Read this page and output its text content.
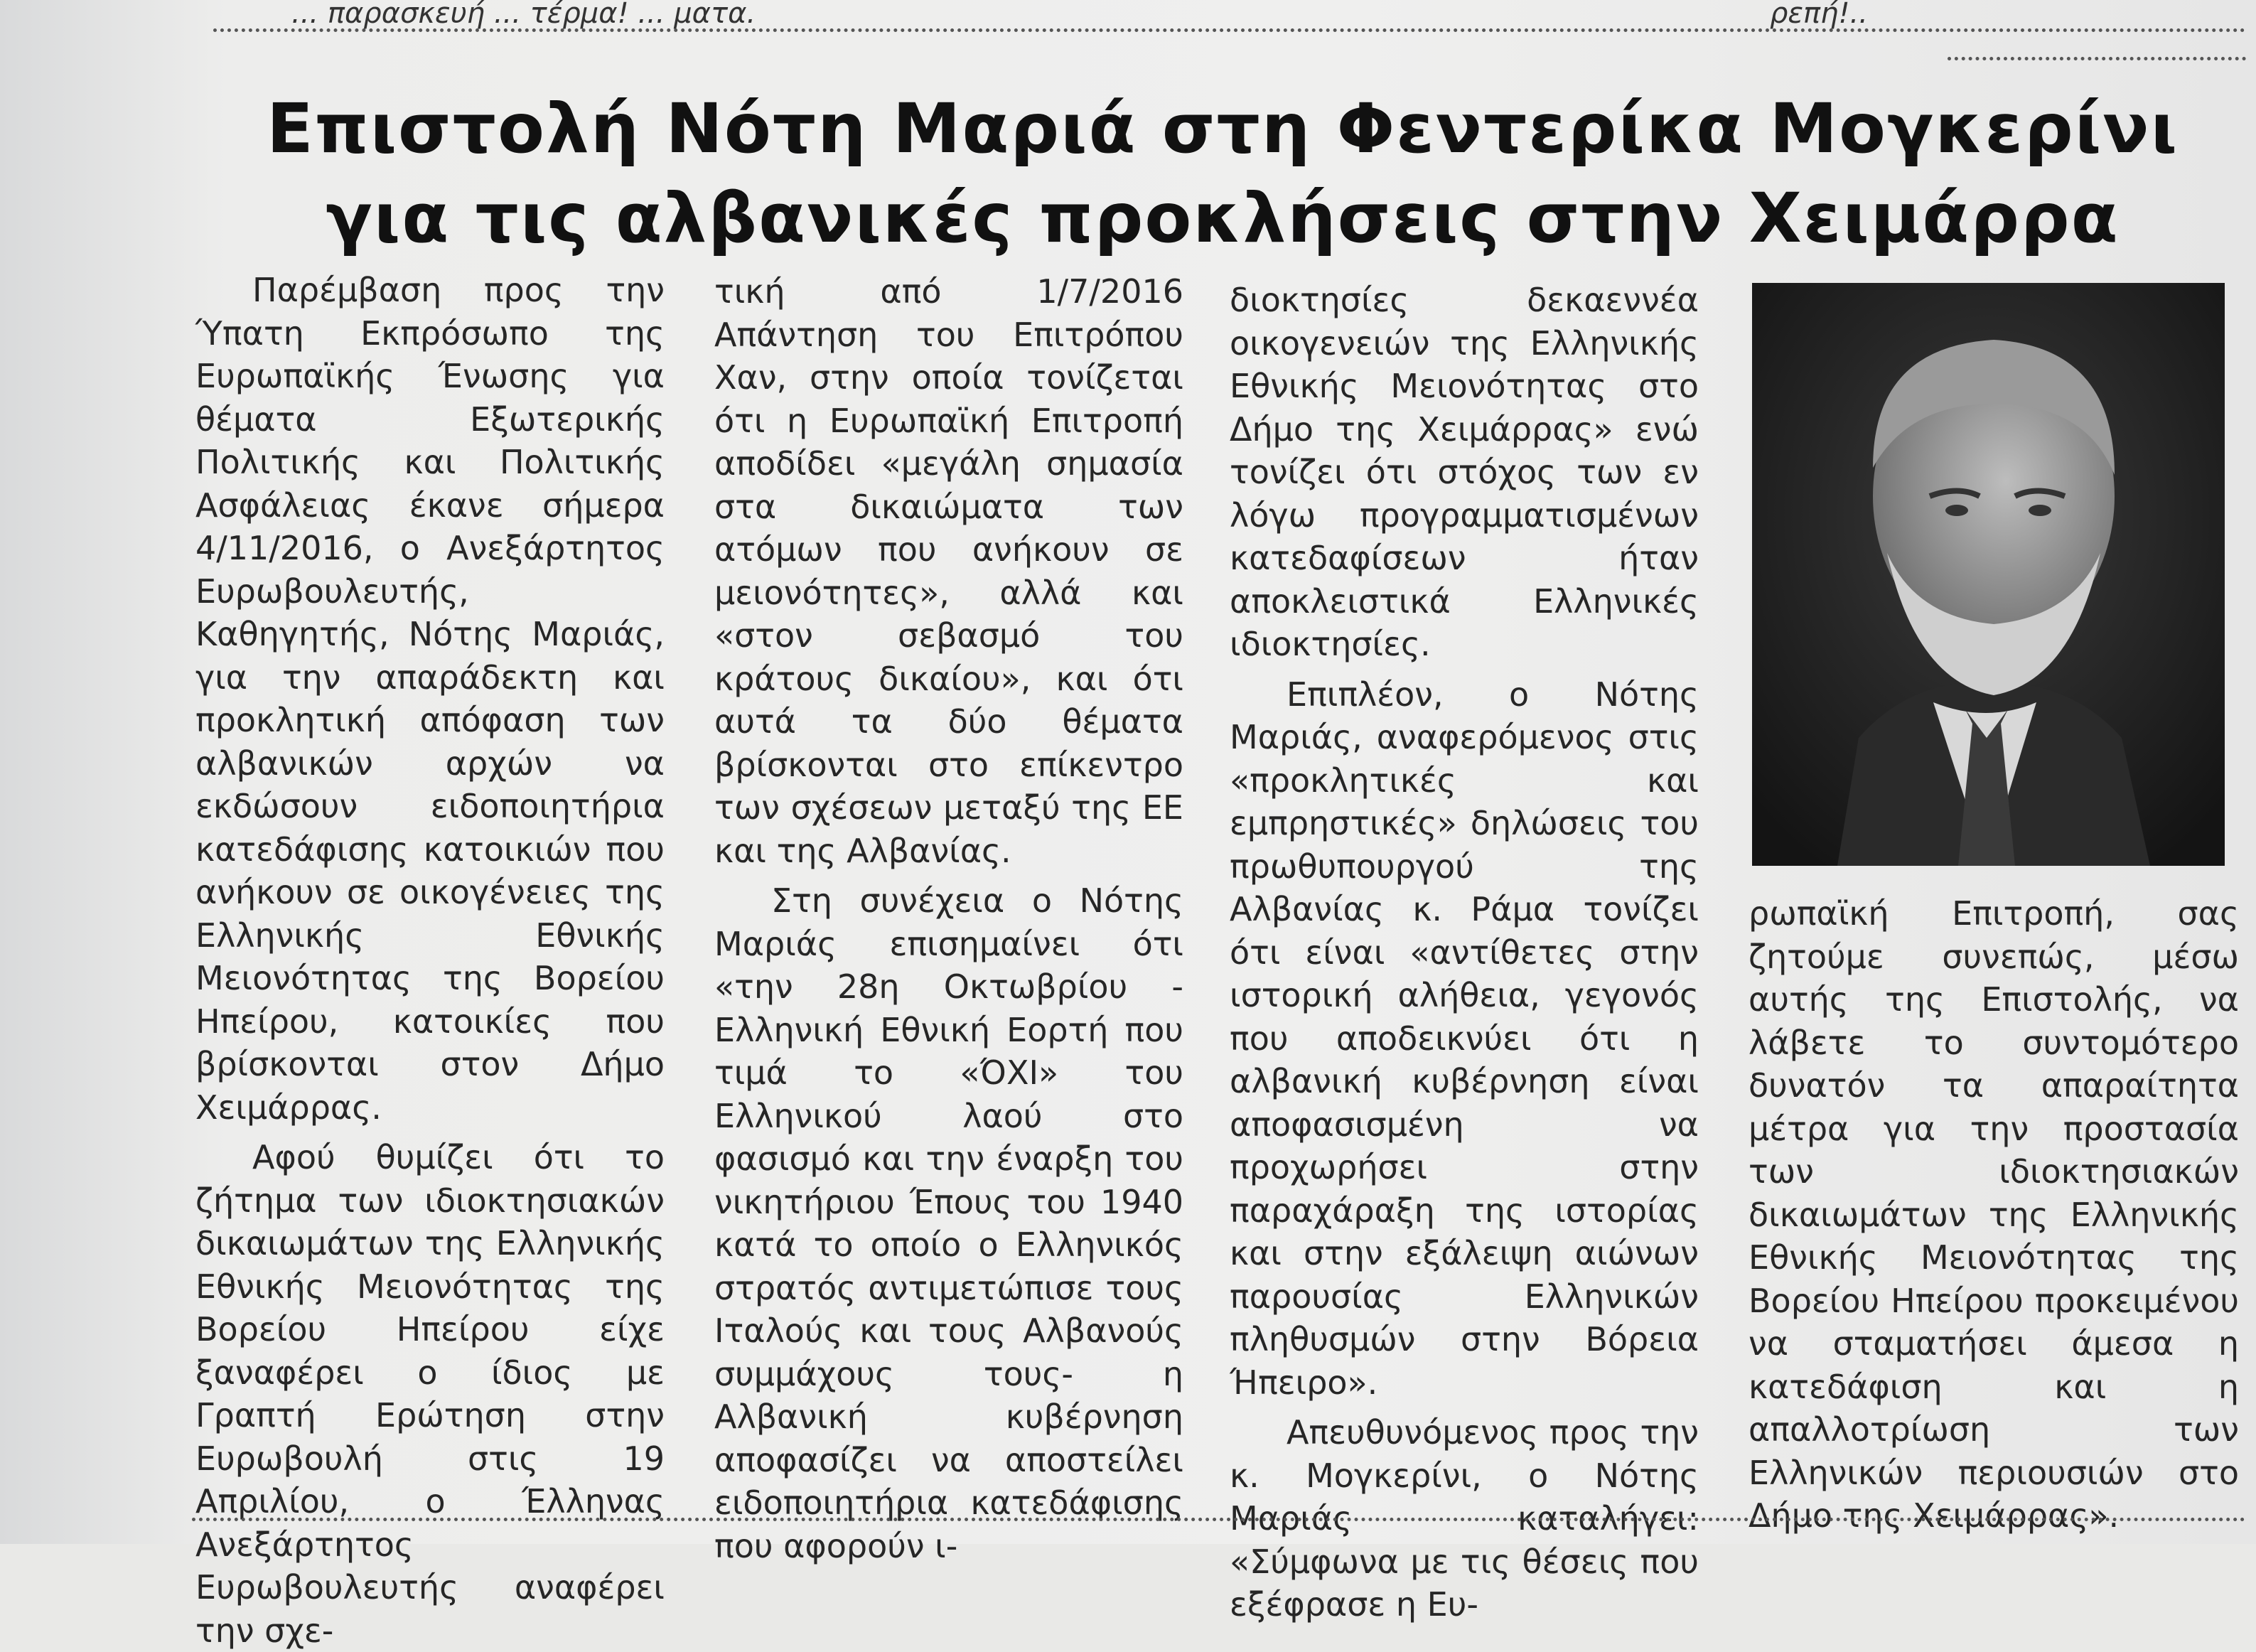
... παρασκευή ... τέρμα! ... ματα.	ρεπή!..
Επιστολή Νότη Μαριά στη Φεντερίκα Μογκερίνι
για τις αλβανικές προκλήσεις στην Χειμάρρα

Παρέμβαση προς την Ύπατη Εκπρόσωπο της Ευρωπαϊκής Ένωσης για θέματα Εξωτερικής Πολιτικής και Πολιτικής Ασφάλειας έκανε σήμερα 4/11/2016, ο Ανεξάρτητος Ευρωβουλευτής, Καθηγητής, Νότης Μαριάς, για την απαράδεκτη και προκλητική απόφαση των αλβανικών αρχών να εκδώσουν ειδοποιητήρια κατεδάφισης κατοικιών που ανήκουν σε οικογένειες της Ελληνικής Εθνικής Μειονότητας της Βορείου Ηπείρου, κατοικίες που βρίσκονται στον Δήμο Χειμάρρας.

Αφού θυμίζει ότι το ζήτημα των ιδιοκτησιακών δικαιωμάτων της Ελληνικής Εθνικής Μειονότητας της Βορείου Ηπείρου είχε ξαναφέρει ο ίδιος με Γραπτή Ερώτηση στην Ευρωβουλή στις 19 Απριλίου, ο Έλληνας Ανεξάρτητος Ευρωβουλευτής αναφέρει την σχε-

τική από 1/7/2016 Απάντηση του Επιτρόπου Χαν, στην οποία τονίζεται ότι η Ευρωπαϊκή Επιτροπή αποδίδει «μεγάλη σημασία στα δικαιώματα των ατόμων που ανήκουν σε μειονότητες», αλλά και «στον σεβασμό του κράτους δικαίου», και ότι αυτά τα δύο θέματα βρίσκονται στο επίκεντρο των σχέσεων μεταξύ της ΕΕ και της Αλβανίας.

Στη συνέχεια ο Νότης Μαριάς επισημαίνει ότι «την 28η Οκτωβρίου - Ελληνική Εθνική Εορτή που τιμά το «ΌΧΙ» του Ελληνικού λαού στο φασισμό και την έναρξη του νικητήριου Έπους του 1940 κατά το οποίο ο Ελληνικός στρατός αντιμετώπισε τους Ιταλούς και τους Αλβανούς συμμάχους τους- η Αλβανική κυβέρνηση αποφασίζει να αποστείλει ειδοποιητήρια κατεδάφισης που αφορούν ι-

διοκτησίες δεκαεννέα οικογενειών της Ελληνικής Εθνικής Μειονότητας στο Δήμο της Χειμάρρας» ενώ τονίζει ότι στόχος των εν λόγω προγραμματισμένων κατεδαφίσεων ήταν αποκλειστικά Ελληνικές ιδιοκτησίες.

Επιπλέον, ο Νότης Μαριάς, αναφερόμενος στις «προκλητικές και εμπρηστικές» δηλώσεις του πρωθυπουργού της Αλβανίας κ. Ράμα τονίζει ότι είναι «αντίθετες στην ιστορική αλήθεια, γεγονός που αποδεικνύει ότι η αλβανική κυβέρνηση είναι αποφασισμένη να προχωρήσει στην παραχάραξη της ιστορίας και στην εξάλειψη αιώνων παρουσίας Ελληνικών πληθυσμών στην Βόρεια Ήπειρο».

Απευθυνόμενος προς την κ. Μογκερίνι, ο Νότης Μαριάς καταλήγει: «Σύμφωνα με τις θέσεις που εξέφρασε η Ευ-

ρωπαϊκή Επιτροπή, σας ζητούμε συνεπώς, μέσω αυτής της Επιστολής, να λάβετε το συντομότερο δυνατόν τα απαραίτητα μέτρα για την προστασία των ιδιοκτησιακών δικαιωμάτων της Ελληνικής Εθνικής Μειονότητας της Βορείου Ηπείρου προκειμένου να σταματήσει άμεσα η κατεδάφιση και η απαλλοτρίωση των Ελληνικών περιουσιών στο Δήμο της Χειμάρρας».
